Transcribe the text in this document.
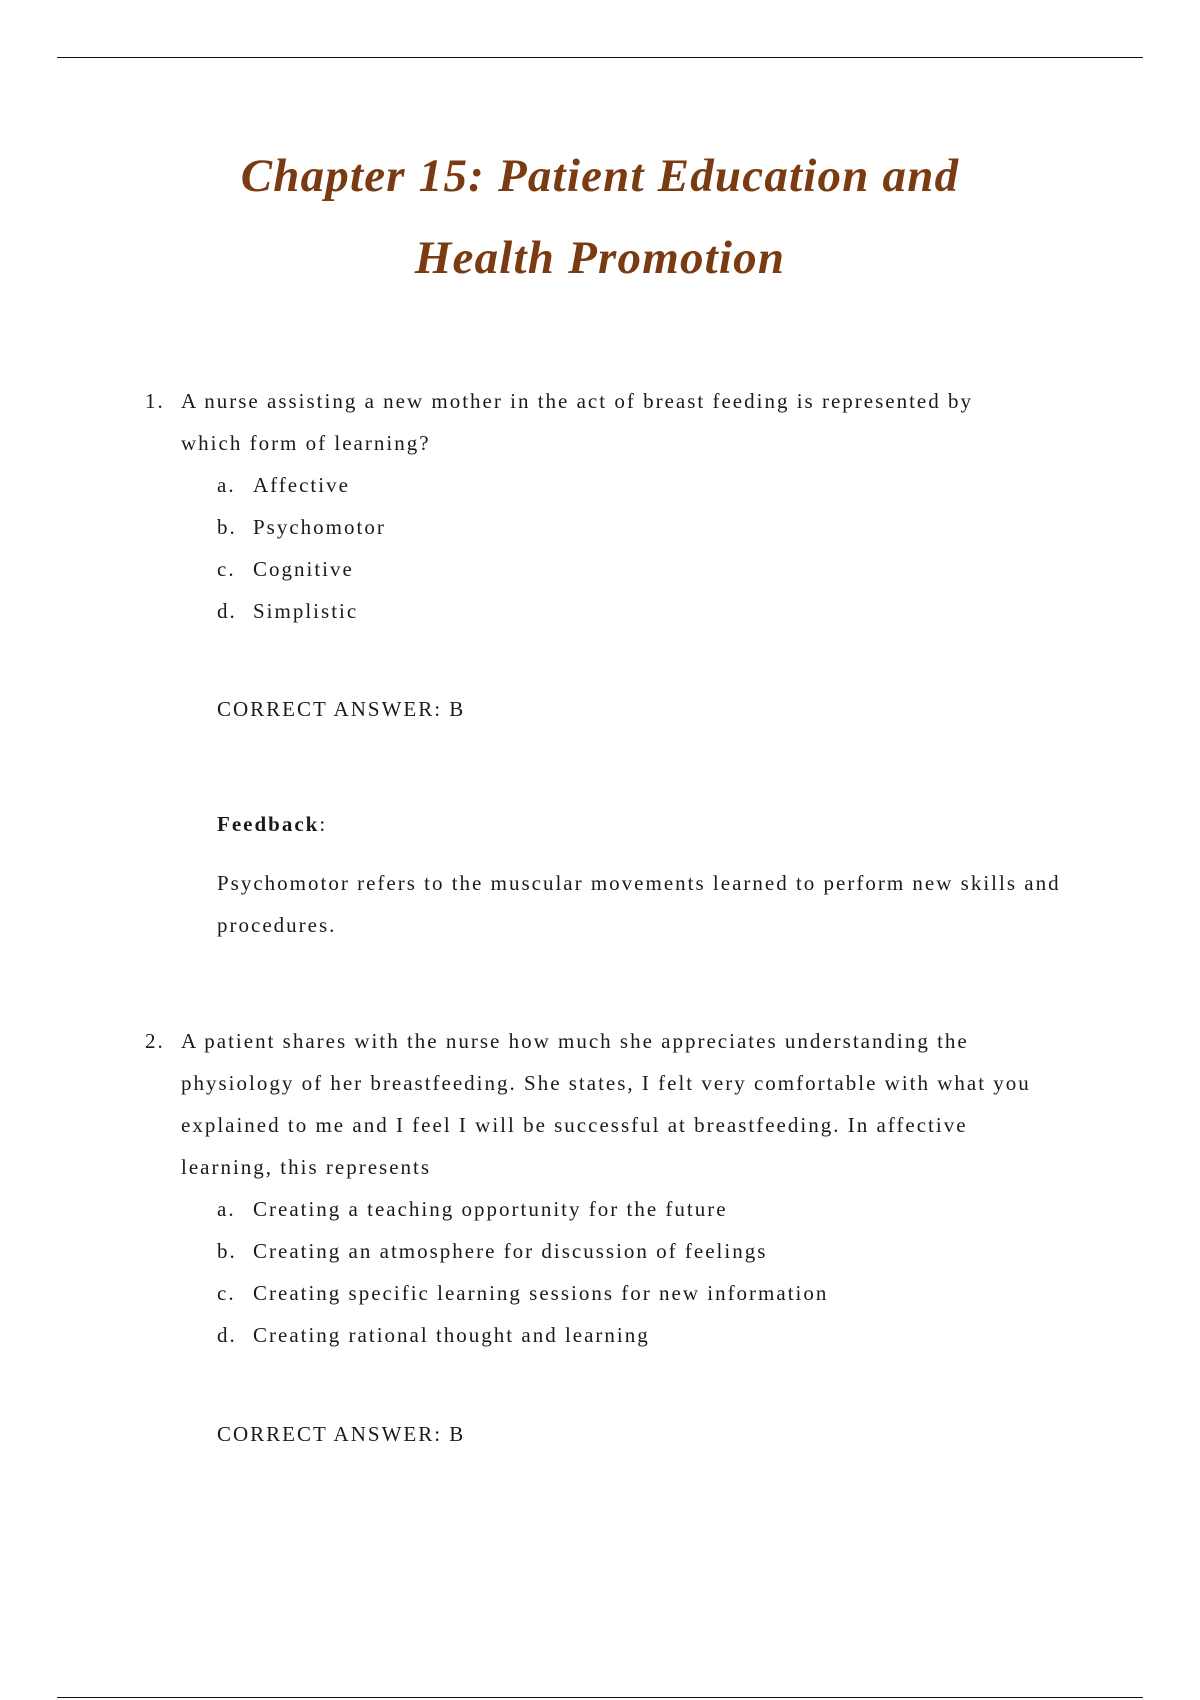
Chapter 15: Patient Education and
Health Promotion
1. A nurse assisting a new mother in the act of breast feeding is represented by which form of learning?
a. Affective
b. Psychomotor
c. Cognitive
d. Simplistic
CORRECT ANSWER: B
Feedback:
Psychomotor refers to the muscular movements learned to perform new skills and procedures.
2. A patient shares with the nurse how much she appreciates understanding the physiology of her breastfeeding. She states, I felt very comfortable with what you explained to me and I feel I will be successful at breastfeeding. In affective learning, this represents
a. Creating a teaching opportunity for the future
b. Creating an atmosphere for discussion of feelings
c. Creating specific learning sessions for new information
d. Creating rational thought and learning
CORRECT ANSWER: B
